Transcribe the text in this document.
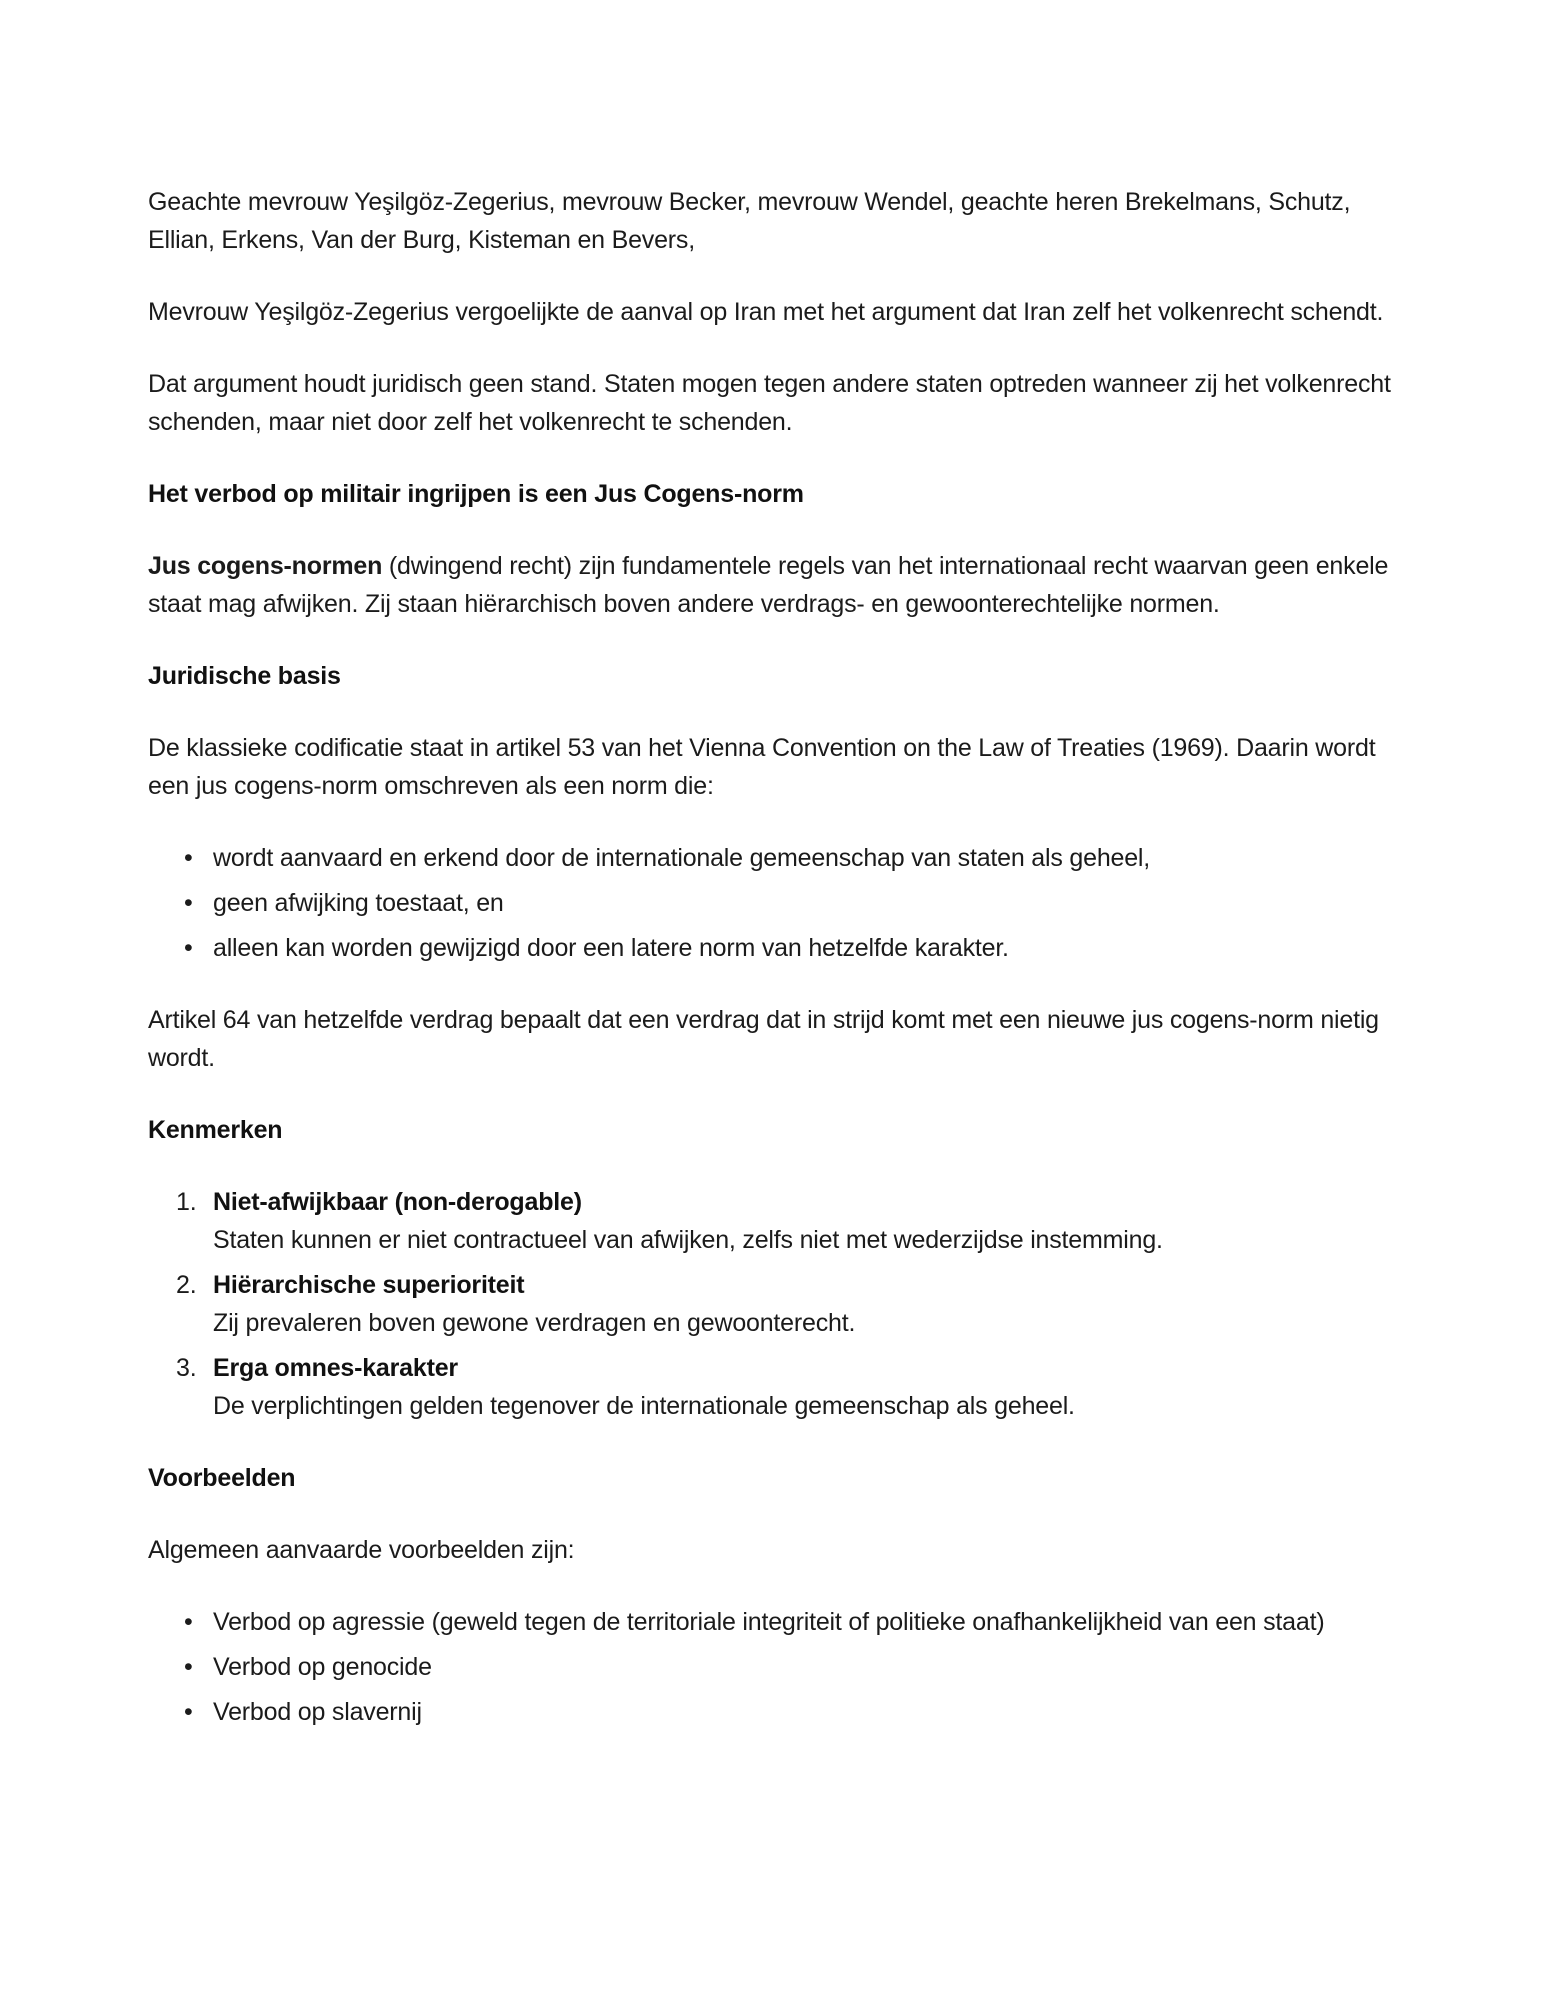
Geachte mevrouw Yeşilgöz-Zegerius, mevrouw Becker, mevrouw Wendel, geachte heren Brekelmans, Schutz, Ellian, Erkens, Van der Burg, Kisteman en Bevers,

Mevrouw Yeşilgöz-Zegerius vergoelijkte de aanval op Iran met het argument dat Iran zelf het volkenrecht schendt.

Dat argument houdt juridisch geen stand. Staten mogen tegen andere staten optreden wanneer zij het volkenrecht schenden, maar niet door zelf het volkenrecht te schenden.

Het verbod op militair ingrijpen is een Jus Cogens-norm

Jus cogens-normen (dwingend recht) zijn fundamentele regels van het internationaal recht waarvan geen enkele staat mag afwijken. Zij staan hiërarchisch boven andere verdrags- en gewoonterechtelijke normen.

Juridische basis

De klassieke codificatie staat in artikel 53 van het Vienna Convention on the Law of Treaties (1969). Daarin wordt een jus cogens-norm omschreven als een norm die:

• wordt aanvaard en erkend door de internationale gemeenschap van staten als geheel,
• geen afwijking toestaat, en
• alleen kan worden gewijzigd door een latere norm van hetzelfde karakter.

Artikel 64 van hetzelfde verdrag bepaalt dat een verdrag dat in strijd komt met een nieuwe jus cogens-norm nietig wordt.

Kenmerken
1. Niet-afwijkbaar (non-derogable)
Staten kunnen er niet contractueel van afwijken, zelfs niet met wederzijdse instemming.
2. Hiërarchische superioriteit
Zij prevaleren boven gewone verdragen en gewoonterecht.
3. Erga omnes-karakter
De verplichtingen gelden tegenover de internationale gemeenschap als geheel.
Voorbeelden

Algemeen aanvaarde voorbeelden zijn:

• Verbod op agressie (geweld tegen de territoriale integriteit of politieke onafhankelijkheid van een staat)
• Verbod op genocide
• Verbod op slavernij
